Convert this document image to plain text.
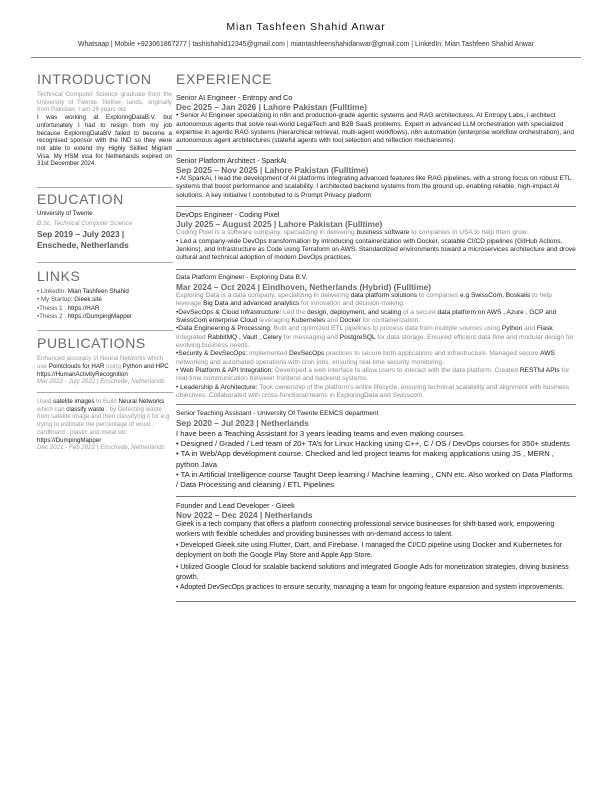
Mian Tashfeen Shahid Anwar
Whatsaap | Mobile +923061867277 | tashishahid12345@gmail.com | miantashfeenshahidanwar@gmail.com | LinkedIn: Mian Tashfeen Shahid Anwar
INTRODUCTION

Technical Computer Science graduate from the University of Twente, Nether- lands, originally from Pakistan. I am 26 years old.

I was working at ExploringDataB.V. but unfortunately I had to resign from my job because ExploringDataBV failed to become a recognised sponsor with the IND so they were not able to extend my Highly Skilled Migrant Visa. My HSM visa for Netherlands expired on 31st December 2024.

EDUCATION

University of Twente

B.Sc. Technical Computer Science

Sep 2019 – July 2023 |

Enschede, Netherlands

LINKS
• LinkedIn: Mian Tashfeen Shahid
• My Startup: Gieek.site
•Thesis 1 : https://HAR
•Thesis 2 : https://DumpingMapper
PUBLICATIONS

Enhanced accuracy of Neural Networks which use Pointclouds for HAR using Python and HPC

https://HumanActivityRecognition

Mar 2022 - July 2022 | Enschede, Netherlands

Used satelite images to Build Neural Networks which can classify waste , by Detecting waste from satelite image and then classifying it for e.g trying to estimate the percentage of wood , cardboard , plastic and metal etc

https://DumpingMapper

Dec 2021 - Feb 2022 | Enschede, Netherlands

EXPERIENCE
Senior AI Engineer - Entropy and Co
Dec 2025 – Jan 2026 | Lahore Pakistan (Fulltime)
• Senior AI Engineer specializing in n8n and production-grade agentic systems and RAG architectures. At Entropy Labs, I architect autonomous agents that solve real-world LegalTech and B2B SaaS problems. Expert in advanced LLM orchestration with specialized expertise in agentic RAG systems (hierarchical retrieval, multi-agent workflows), n8n automation (enterprise workflow orchestration), and autonomous agent architectures (stateful agents with tool selection and reflection mechanisms).
Senior Platform Architect - SparkAi
Sep 2025 – Nov 2025 | Lahore Pakistan (Fulltime)
• At SparkAi, I lead the development of AI platforms integrating advanced features like RAG pipelines, with a strong focus on robust ETL systems that boost performance and scalability. I architected backend systems from the ground up, enabling reliable, high-impact AI solutions. A key initiative I contributed to is Prompt Privacy platform
DevOps Engineer - Coding Pixel
July 2025 – August 2025 | Lahore Pakistan (Fulltime)
Coding Pixel is a software company, specializing in delivering business software to companies in USA to help them grow.
• Led a company-wide DevOps transformation by introducing containerization with Docker, scalable CI/CD pipelines (GitHub Actions, Jenkins), and Infrastructure as Code using Terraform on AWS. Standardized environments toward a microservices architecture and drove cultural and technical adoption of modern DevOps practices.
Data Platform Engineer - Exploring Data B.V.
Mar 2024 – Oct 2024 | Eindhoven, Netherlands (Hybrid) (Fulltime)
Exploring Data is a data company, specializing in delivering data platform solutions to companies e.g SwissCom, Boskalis to help leverage Big Data and advanced analytics for innovation and decision-making.
•DevSecOps & Cloud Infrastructure: Led the design, deployment, and scaling of a secure data platform on AWS , Azure , GCP and SwissCom enterprise Cloud leveraging Kubernetes and Docker for containerization.
•Data Engineering & Processing: Built and optimized ETL pipelines to process data from multiple sources using Python and Flask. Integrated RabbitMQ , Vault , Celery for messaging and PostgreSQL for data storage. Ensured efficient data flow and modular design for evolving business needs.
•Security & DevSecOps: Implemented DevSecOps practices to secure both applications and infrastructure. Managed secure AWS networking and automated operations with cron jobs, ensuring real-time security monitoring.
• Web Platform & API Integration: Developed a web interface to allow users to interact with the data platform. Created RESTful APIs for real-time communication between frontend and backend systems.
• Leadership & Architecture: Took ownership of the platform’s entire lifecycle, ensuring technical scalability and alignment with business objectives. Collaborated with cross-functional teams in ExploringData and Swisscom.
Senior Teaching Assistant - University Of Twente EEMCS department
Sep 2020 – Jul 2023 | Netherlands
I have been a Teaching Assistant for 3 years leading teams and even making courses.
• Designed / Graded / Led team of 20+ TA’s for Linux Hacking using C++, C / OS / DevOps courses for 350+ students
• TA in Web/App development course. Checked and led project teams for making applications using JS , MERN , python Java
• TA in Artificial Intelligence course Taught Deep learning / Machine learning , CNN etc. Also worked on Data Platforms / Data Processing and cleaning / ETL Pipelines
Founder and Lead Developer - Gieek
Nov 2022 – Dec 2024 | Netherlands
Gieek is a tech company that offers a platform connecting professional service businesses for shift-based work, empowering workers with flexible schedules and providing businesses with on-demand access to talent.
• Developed Gieek.site using Flutter, Dart, and Firebase. I managed the CI/CD pipeline using Docker and Kubernetes for deployment on both the Google Play Store and Apple App Store.
• Utilized Google Cloud for scalable backend solutions and integrated Google Ads for monetization strategies, driving business growth.
• Adopted DevSecOps practices to ensure security, managing a team for ongoing feature expansion and system improvements.
